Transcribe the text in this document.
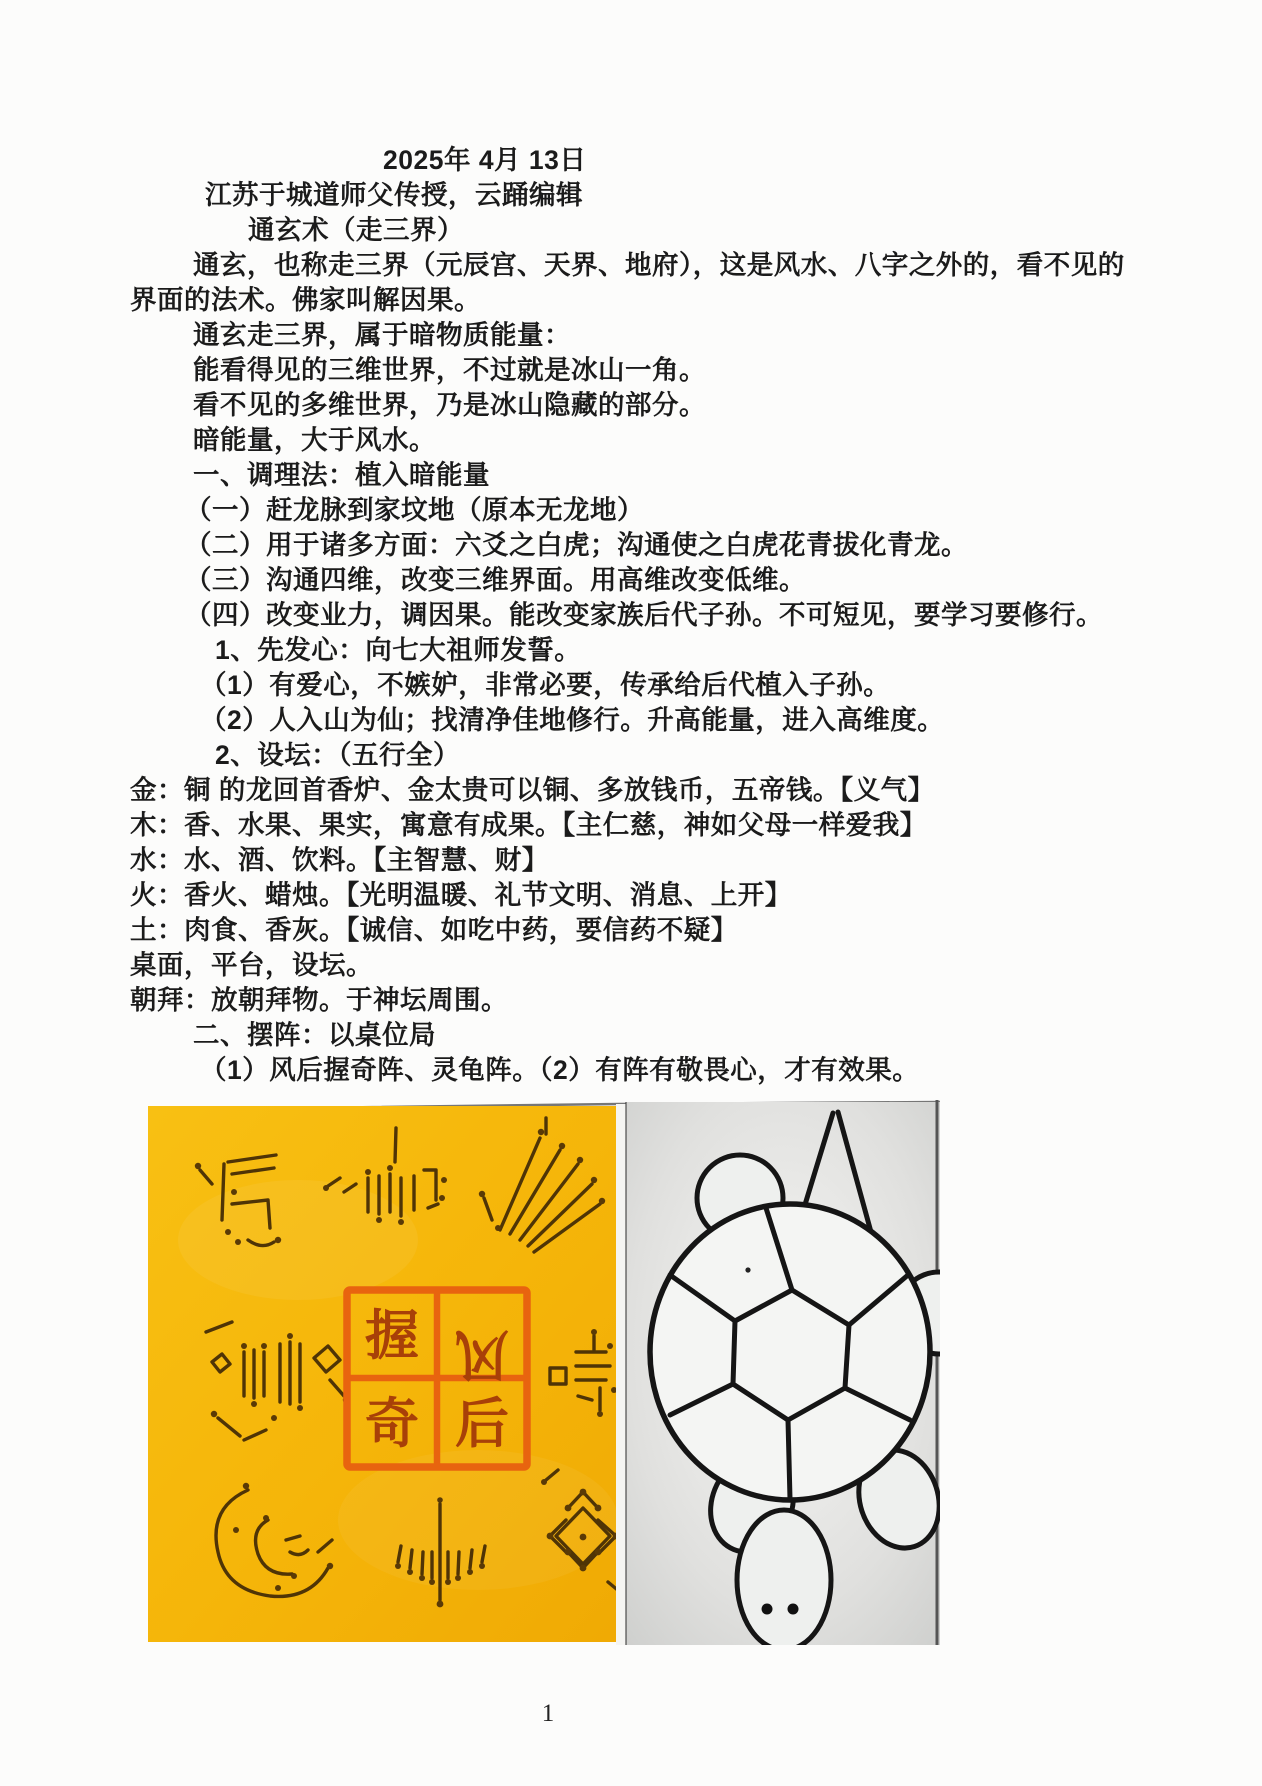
2025年 4月 13日

江苏于城道师父传授，云踊编辑

通玄术（走三界）

通玄，也称走三界（元辰宫、天界、地府），这是风水、八字之外的，看不见的

界面的法术。佛家叫解因果。

通玄走三界，属于暗物质能量：

能看得见的三维世界，不过就是冰山一角。

看不见的多维世界，乃是冰山隐藏的部分。

暗能量，大于风水。

一、调理法：植入暗能量

（一）赶龙脉到家坟地（原本无龙地）

（二）用于诸多方面：六爻之白虎；沟通使之白虎花青拔化青龙。

（三）沟通四维，改变三维界面。用高维改变低维。

（四）改变业力，调因果。能改变家族后代子孙。不可短见，要学习要修行。

1、先发心：向七大祖师发誓。

（1）有爱心，不嫉妒，非常必要，传承给后代植入子孙。

（2）人入山为仙；找清净佳地修行。升高能量，进入高维度。

2、设坛：（五行全）

金：铜 的龙回首香炉、金太贵可以铜、多放钱币，五帝钱。【义气】

木：香、水果、果实，寓意有成果。【主仁慈，神如父母一样爱我】

水：水、酒、饮料。【主智慧、财】

火：香火、蜡烛。【光明温暖、礼节文明、消息、上开】

土：肉食、香灰。【诚信、如吃中药，要信药不疑】

桌面，平台，设坛。

朝拜：放朝拜物。于神坛周围。

二、摆阵：以桌位局

（1）风后握奇阵、灵龟阵。（2）有阵有敬畏心，才有效果。

握 风
奇 后
1
